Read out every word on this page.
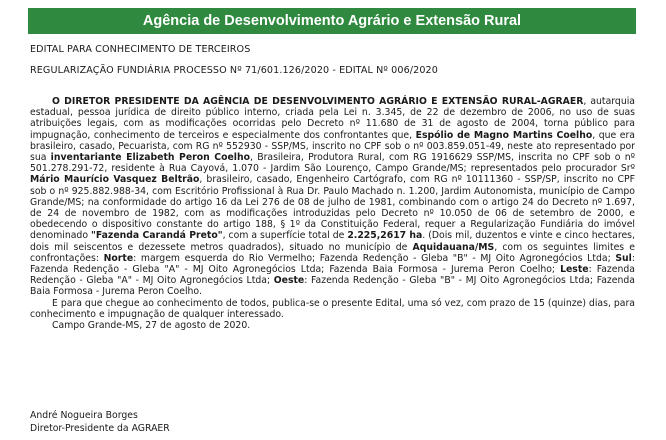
Agência de Desenvolvimento Agrário e Extensão Rural
EDITAL PARA CONHECIMENTO DE TERCEIROS
REGULARIZAÇÃO FUNDIÁRIA PROCESSO Nº 71/601.126/2020 - EDITAL Nº 006/2020

O DIRETOR PRESIDENTE DA AGÊNCIA DE DESENVOLVIMENTO AGRÁRIO E EXTENSÃO RURAL-AGRAER, autarquia estadual, pessoa jurídica de direito público interno, criada pela Lei n. 3.345, de 22 de dezembro de 2006, no uso de suas atribuições legais, com as modificações ocorridas pelo Decreto nº 11.680 de 31 de agosto de 2004, torna público para impugnação, conhecimento de terceiros e especialmente dos confrontantes que, Espólio de Magno Martins Coelho, que era brasileiro, casado, Pecuarista, com RG nº 552930 - SSP/MS, inscrito no CPF sob o nº 003.859.051-49, neste ato representado por sua inventariante Elizabeth Peron Coelho, Brasileira, Produtora Rural, com RG 1916629 SSP/MS, inscrita no CPF sob o nº 501.278.291-72, residente à Rua Cayová, 1.070 - Jardim São Lourenço, Campo Grande/MS; representados pelo procurador Srº Mário Maurício Vasquez Beltrão, brasileiro, casado, Engenheiro Cartógrafo, com RG nº 10111360 - SSP/SP, inscrito no CPF sob o nº 925.882.988-34, com Escritório Profissional à Rua Dr. Paulo Machado n. 1.200, Jardim Autonomista, município de Campo Grande/MS; na conformidade do artigo 16 da Lei 276 de 08 de julho de 1981, combinando com o artigo 24 do Decreto nº 1.697, de 24 de novembro de 1982, com as modificações introduzidas pelo Decreto nº 10.050 de 06 de setembro de 2000, e obedecendo o dispositivo constante do artigo 188, § 1º da Constituição Federal, requer a Regularização Fundiária do imóvel denominado "Fazenda Carandá Preto", com a superfície total de 2.225,2617 ha. (Dois mil, duzentos e vinte e cinco hectares, dois mil seiscentos e dezessete metros quadrados), situado no município de Aquidauana/MS, com os seguintes limites e confrontações: Norte: margem esquerda do Rio Vermelho; Fazenda Redenção - Gleba "B" - MJ Oito Agronegócios Ltda; Sul: Fazenda Redenção - Gleba "A" - MJ Oito Agronegócios Ltda; Fazenda Baia Formosa - Jurema Peron Coelho; Leste: Fazenda Redenção - Gleba "A" - MJ Oito Agronegócios Ltda; Oeste: Fazenda Redenção - Gleba "B" - MJ Oito Agronegócios Ltda; Fazenda Baia Formosa - Jurema Peron Coelho.

E para que chegue ao conhecimento de todos, publica-se o presente Edital, uma só vez, com prazo de 15 (quinze) dias, para conhecimento e impugnação de qualquer interessado.

Campo Grande-MS, 27 de agosto de 2020.

André Nogueira Borges
Diretor-Presidente da AGRAER
